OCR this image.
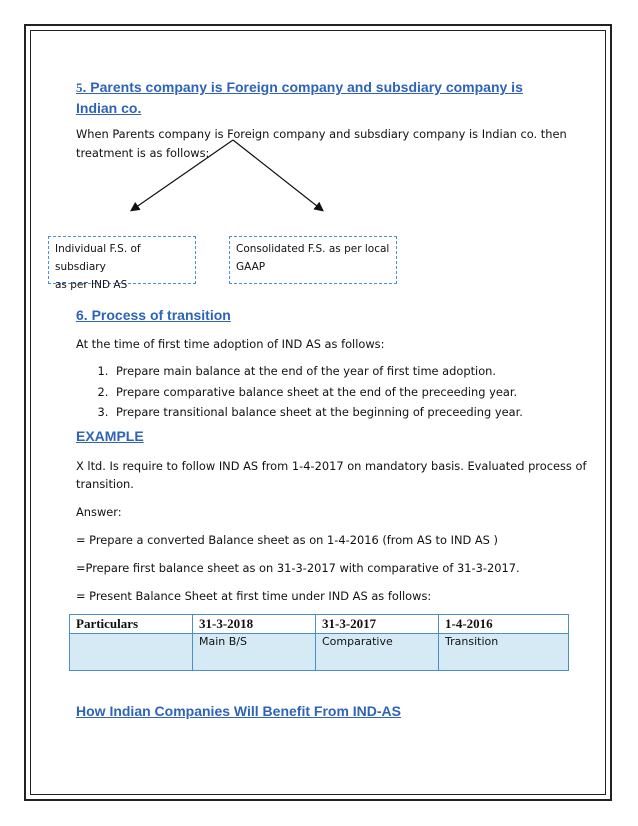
5. Parents company is Foreign company and subsdiary company is
Indian co.
When Parents company is Foreign company and subsdiary company is Indian co. then
treatment is as follows:
Individual F.S. of subsdiary
as per IND AS
Consolidated F.S. as per local
GAAP
6. Process of transition
At the time of first time adoption of IND AS as follows:
1. Prepare main balance at the end of the year of first time adoption.
2. Prepare comparative balance sheet at the end of the preceeding year.
3. Prepare transitional balance sheet at the beginning of preceeding year.
EXAMPLE
X ltd. Is require to follow IND AS from 1-4-2017 on mandatory basis. Evaluated process of
transition.
Answer:
= Prepare a converted Balance sheet as on 1-4-2016 (from AS to IND AS )
=Prepare first balance sheet as on 31-3-2017 with comparative of 31-3-2017.
= Present Balance Sheet at first time under IND AS as follows:
Particulars	31-3-2018	31-3-2017	1-4-2016
	Main B/S	Comparative	Transition
How Indian Companies Will Benefit From IND-AS
